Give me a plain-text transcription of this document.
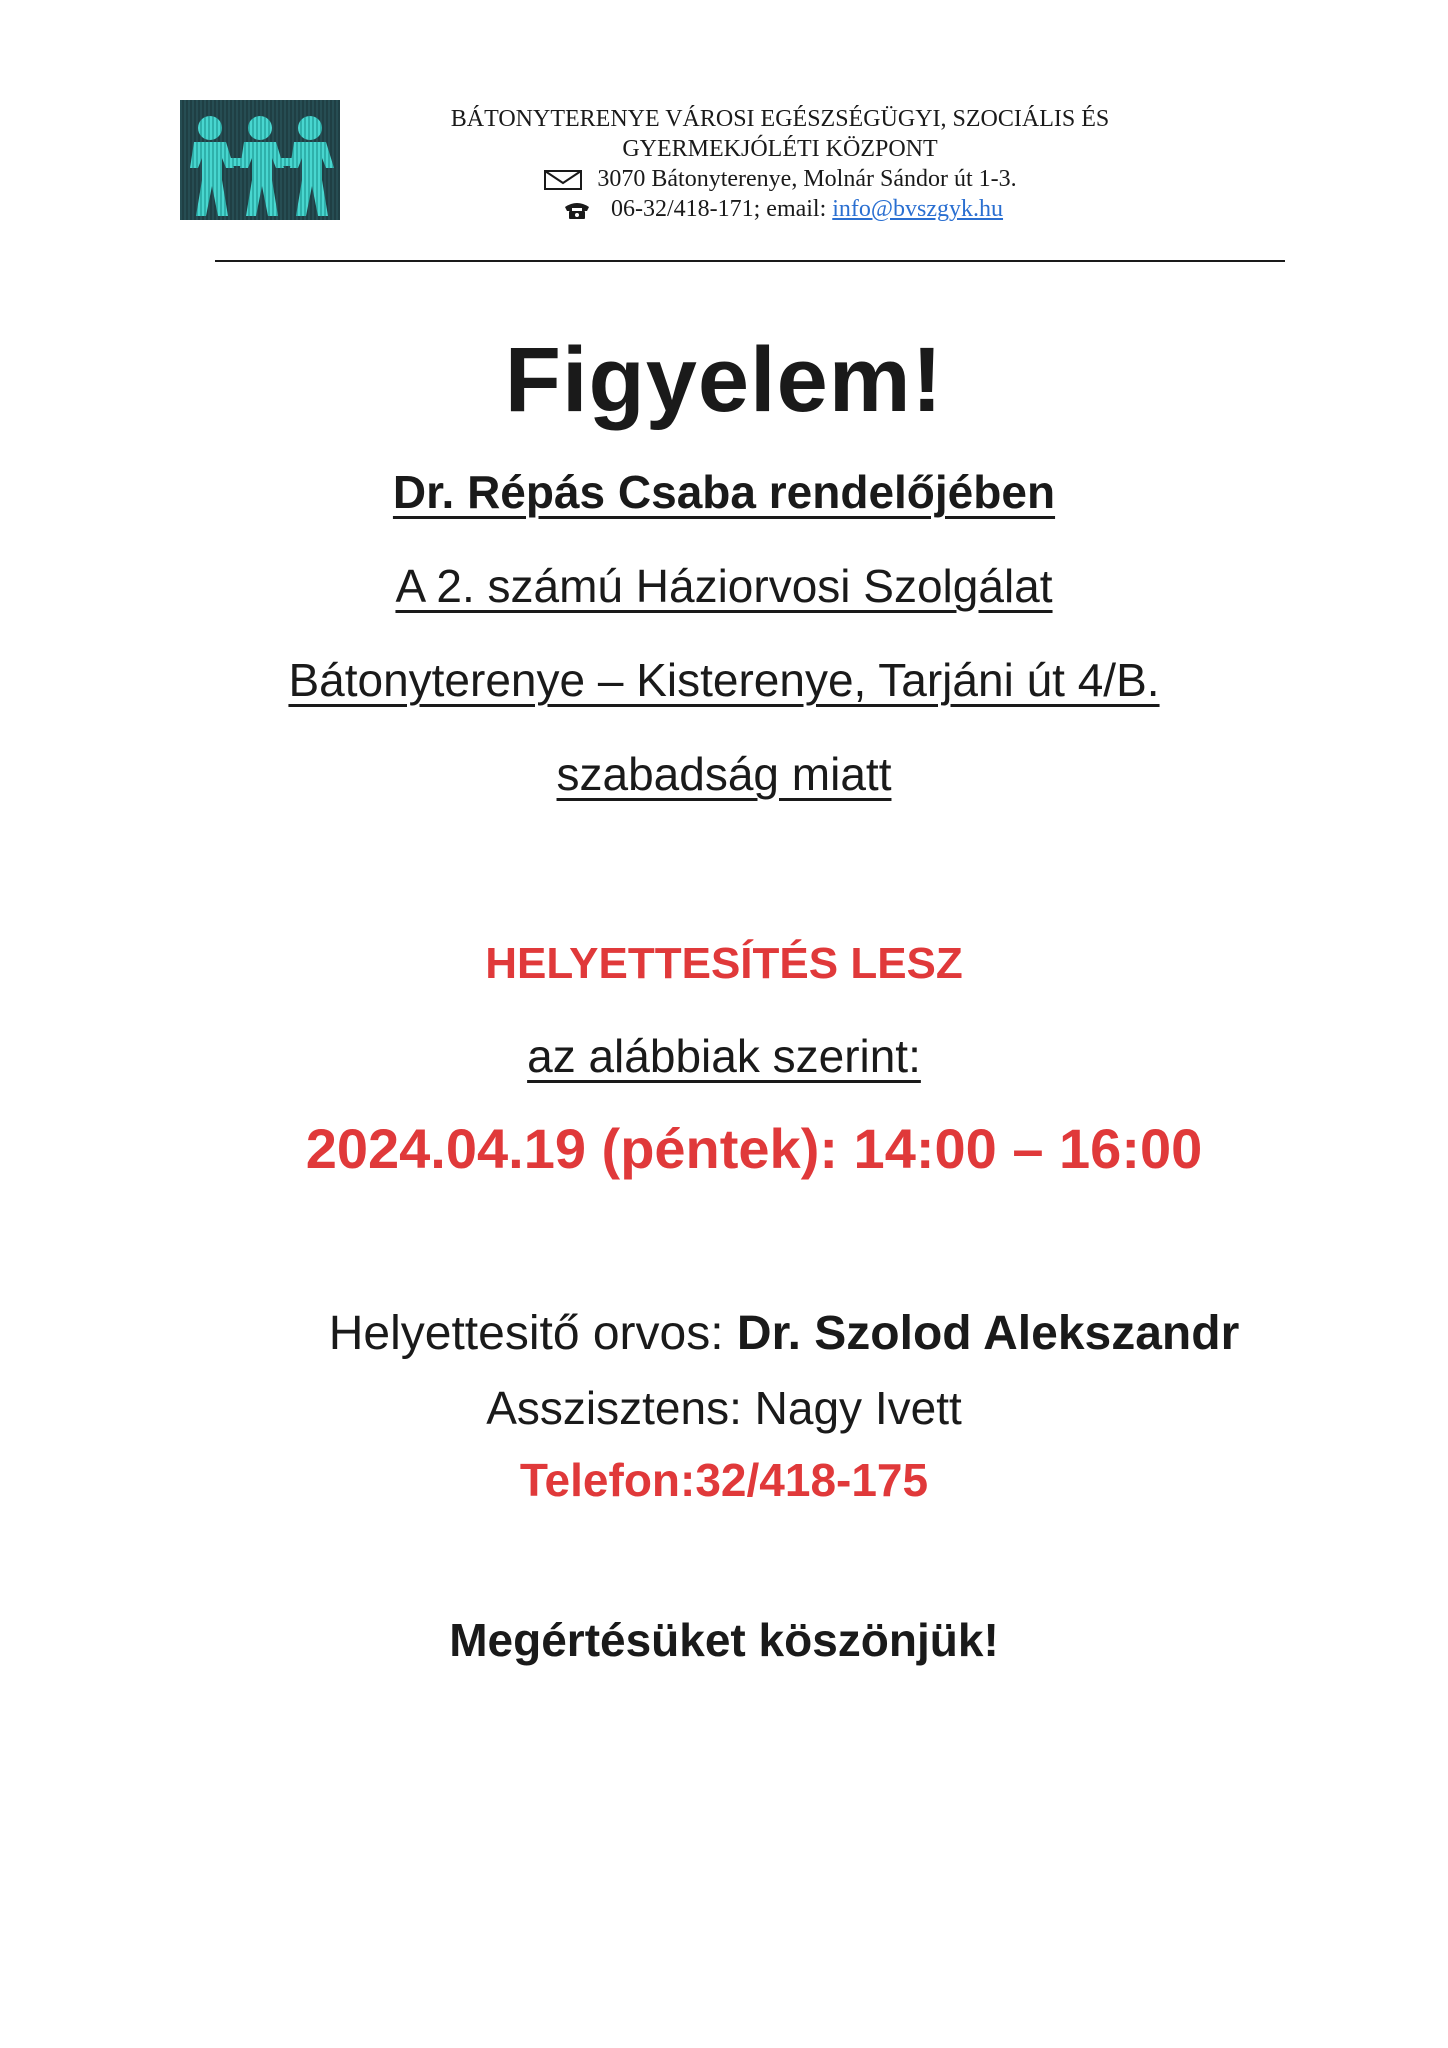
BÁTONYTERENYE VÁROSI EGÉSZSÉGÜGYI, SZOCIÁLIS ÉS
GYERMEKJÓLÉTI KÖZPONT
3070 Bátonyterenye, Molnár Sándor út 1-3.
06-32/418-171; email: info@bvszgyk.hu
Figyelem!
Dr. Répás Csaba rendelőjében
A 2. számú Háziorvosi Szolgálat
Bátonyterenye – Kisterenye, Tarjáni út 4/B.
szabadság miatt
HELYETTESÍTÉS LESZ
az alábbiak szerint:
2024.04.19 (péntek): 14:00 – 16:00
Helyettesitő orvos: Dr. Szolod Alekszandr
Asszisztens: Nagy Ivett
Telefon:32/418-175
Megértésüket köszönjük!
